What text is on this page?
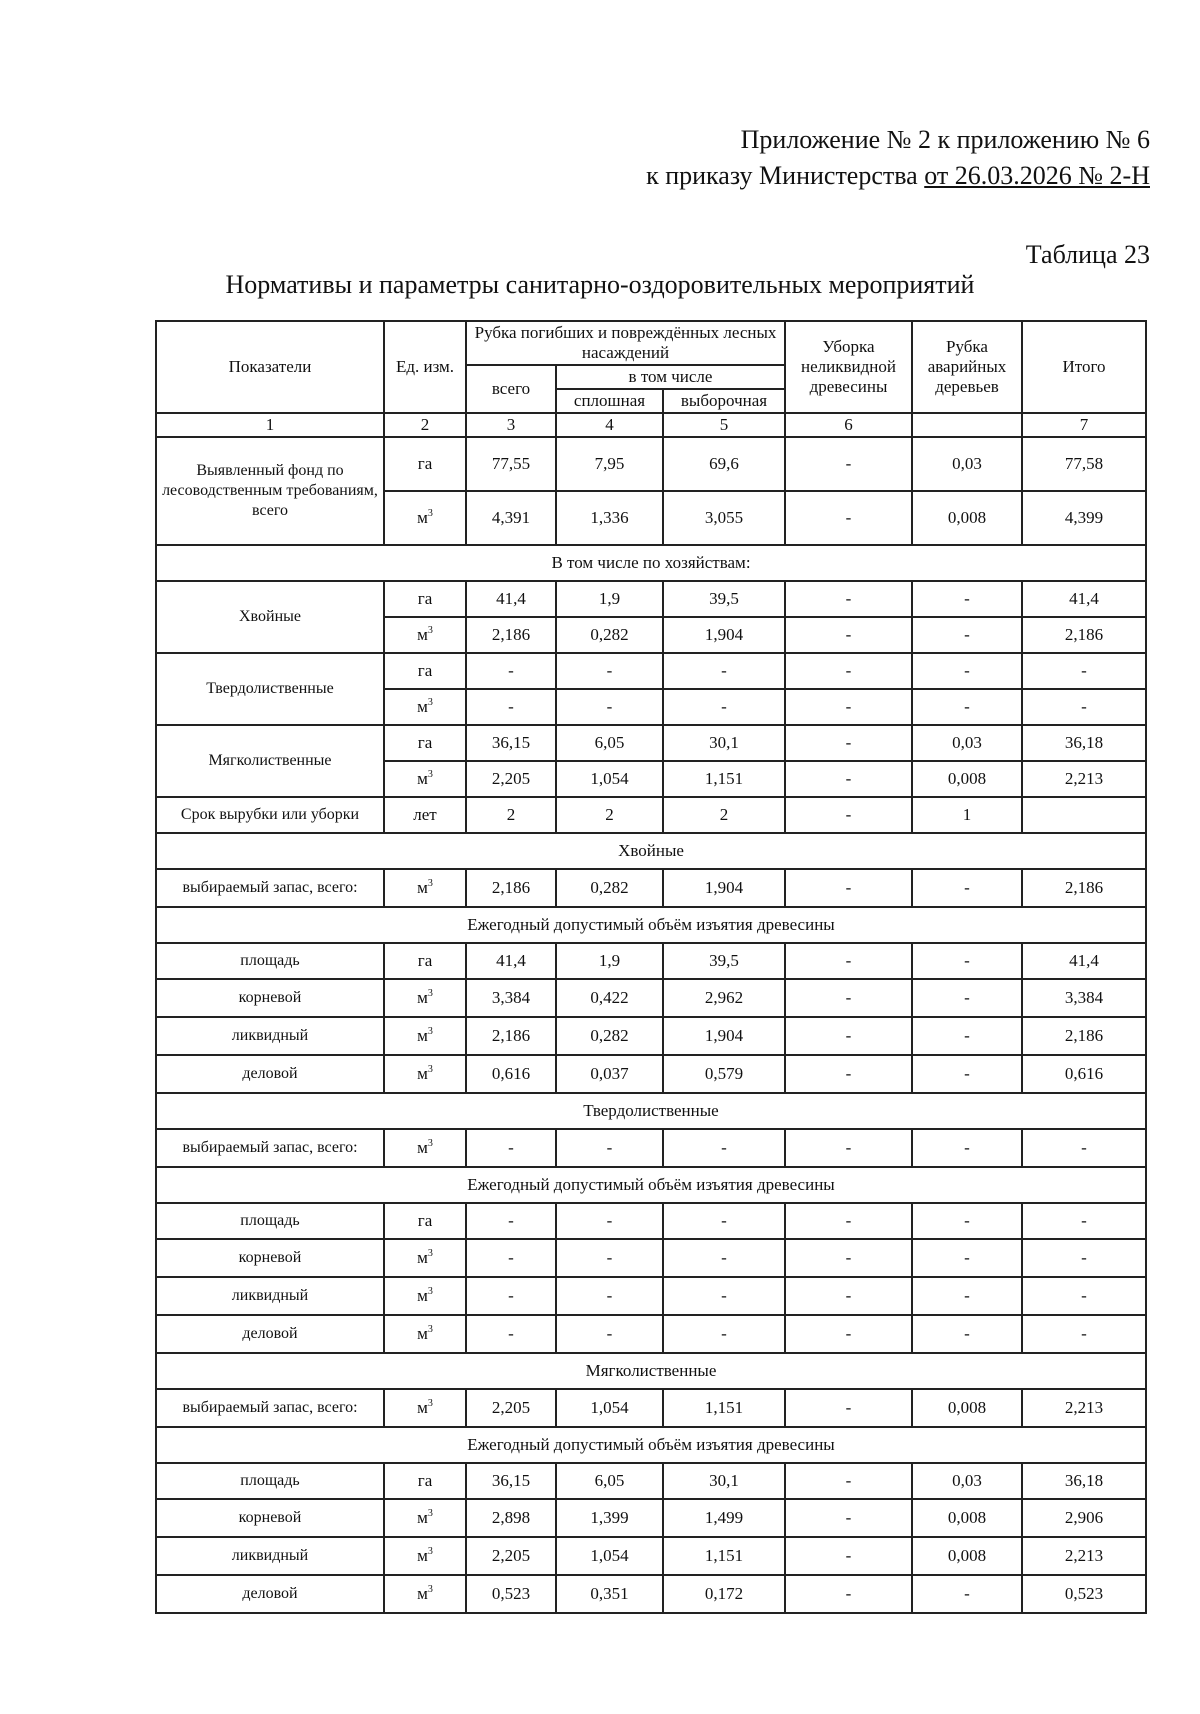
Приложение № 2 к приложению № 6
к приказу Министерства от 26.03.2026 № 2-Н
Таблица 23
Нормативы и параметры санитарно-оздоровительных мероприятий
Показатели	Ед. изм.	Рубка погибших и повреждённых лесных насаждений			Уборка неликвидной древесины	Рубка аварийных деревьев	Итого
		всего	в том числе				
			сплошная	выборочная			
1	2	3	4	5	6		7
Выявленный фонд по лесоводственным требованиям, всего	га	77,55	7,95	69,6	-	0,03	77,58
	$м^3$	4,391	1,336	3,055	-	0,008	4,399
В том числе по хозяйствам:							
Хвойные	га	41,4	1,9	39,5	-	-	41,4
	$м^3$	2,186	0,282	1,904	-	-	2,186
Твердолиственные	га	-	-	-	-	-	-
	$м^3$	-	-	-	-	-	-
Мягколиственные	га	36,15	6,05	30,1	-	0,03	36,18
	$м^3$	2,205	1,054	1,151	-	0,008	2,213
Срок вырубки или уборки	лет	2	2	2	-	1	
Хвойные							
выбираемый запас, всего:	$м^3$	2,186	0,282	1,904	-	-	2,186
Ежегодный допустимый объём изъятия древесины							
площадь	га	41,4	1,9	39,5	-	-	41,4
корневой	$м^3$	3,384	0,422	2,962	-	-	3,384
ликвидный	$м^3$	2,186	0,282	1,904	-	-	2,186
деловой	$м^3$	0,616	0,037	0,579	-	-	0,616
Твердолиственные							
выбираемый запас, всего:	$м^3$	-	-	-	-	-	-
Ежегодный допустимый объём изъятия древесины							
площадь	га	-	-	-	-	-	-
корневой	$м^3$	-	-	-	-	-	-
ликвидный	$м^3$	-	-	-	-	-	-
деловой	$м^3$	-	-	-	-	-	-
Мягколиственные							
выбираемый запас, всего:	$м^3$	2,205	1,054	1,151	-	0,008	2,213
Ежегодный допустимый объём изъятия древесины							
площадь	га	36,15	6,05	30,1	-	0,03	36,18
корневой	$м^3$	2,898	1,399	1,499	-	0,008	2,906
ликвидный	$м^3$	2,205	1,054	1,151	-	0,008	2,213
деловой	$м^3$	0,523	0,351	0,172	-	-	0,523
